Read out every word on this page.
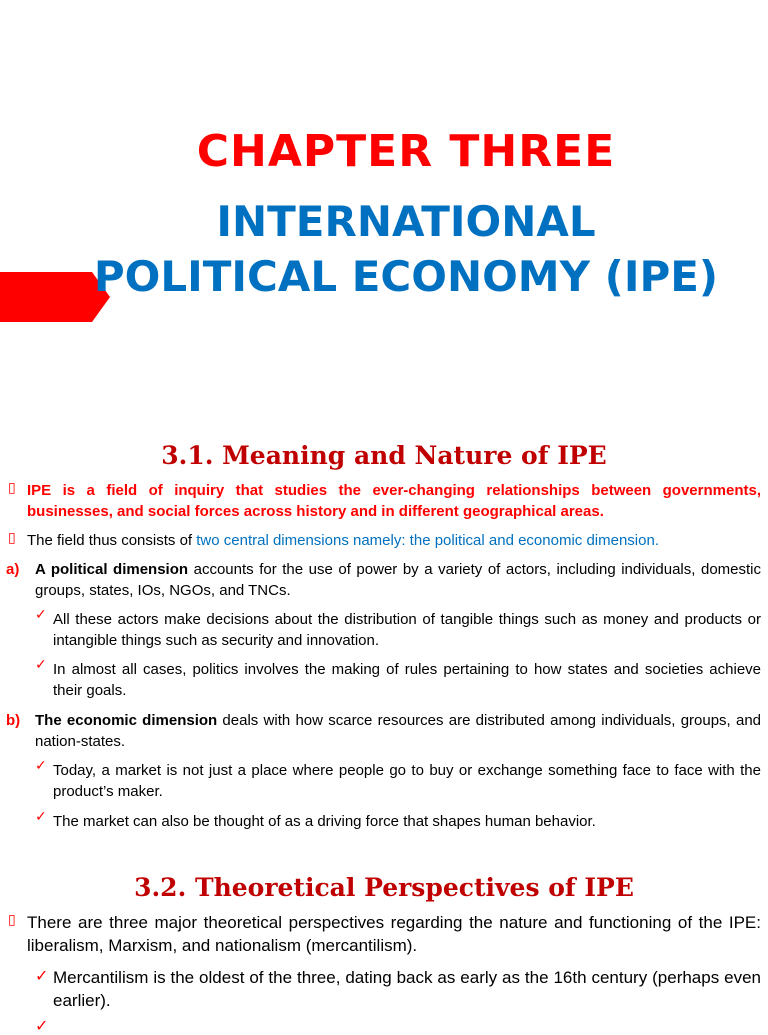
CHAPTER THREE
INTERNATIONAL
POLITICAL ECONOMY (IPE)
3.1. Meaning and Nature of IPE
▯ IPE is a field of inquiry that studies the ever-changing relationships between governments, businesses, and social forces across history and in different geographical areas.
▯ The field thus consists of two central dimensions namely: the political and economic dimension.
a) A political dimension accounts for the use of power by a variety of actors, including individuals, domestic groups, states, IOs, NGOs, and TNCs.
✓ All these actors make decisions about the distribution of tangible things such as money and products or intangible things such as security and innovation.
✓ In almost all cases, politics involves the making of rules pertaining to how states and societies achieve their goals.
b) The economic dimension deals with how scarce resources are distributed among individuals, groups, and nation-states.
✓ Today, a market is not just a place where people go to buy or exchange something face to face with the product’s maker.
✓ The market can also be thought of as a driving force that shapes human behavior.
3.2. Theoretical Perspectives of IPE
▯ There are three major theoretical perspectives regarding the nature and functioning of the IPE: liberalism, Marxism, and nationalism (mercantilism).
✓ Mercantilism is the oldest of the three, dating back as early as the 16th century (perhaps even earlier).
✓
